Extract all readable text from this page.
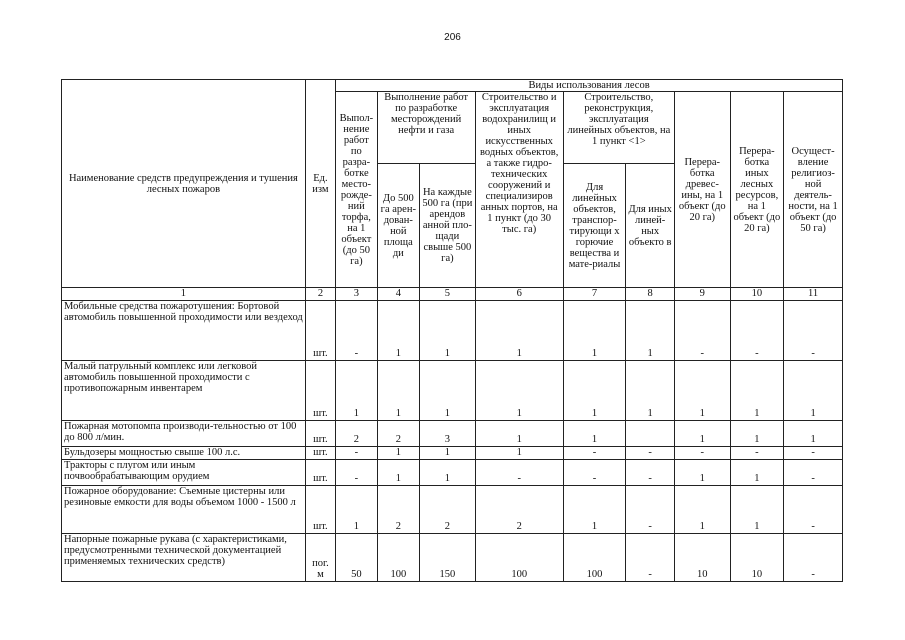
206
Наименование средств предупреждения и тушения лесных пожаров	Ед. изм	Виды использования лесов								
		Выпол-нение работ по разра-ботке место-рожде-ний торфа, на 1 объект (до 50 га)	Выполнение работ по разработке месторождений нефти и газа		Строительство и эксплуатация водохранилищ и иных искусственных водных объектов, а также гидро-технических сооружений и специализиров анных портов, на 1 пункт (до 30 тыс. га)	Строительство, реконструкция, эксплуатация линейных объектов, на 1 пункт <1>		Перера-ботка древес-ины, на 1 объект (до 20 га)	Перера-ботка иных лесных ресурсов, на 1 объект (до 20 га)	Осущест-вление религиоз-ной деятель-ности, на 1 объект (до 50 га)
			До 500 га арен-дован-ной площа ди	На каждые 500 га (при арендов анной пло-щади свыше 500 га)		Для линейных объектов, транспор-тирующи х горючие вещества и мате-риалы	Для иных линей-ных объекто в			
1	2	3	4	5	6	7	8	9	10	11
Мобильные средства пожаротушения: Бортовой автомобиль повышенной проходимости или вездеход	шт.	-	1	1	1	1	1	-	-	-
Малый патрульный комплекс или легковой автомобиль повышенной проходимости с противопожарным инвентарем	шт.	1	1	1	1	1	1	1	1	1
Пожарная мотопомпа производи-тельностью от 100 до 800 л/мин.	шт.	2	2	3	1	1		1	1	1
Бульдозеры мощностью свыше 100 л.с.	шт.	-	1	1	1	-	-	-	-	-
Тракторы с плугом или иным почвообрабатывающим орудием	шт.	-	1	1	-	-	-	1	1	-
Пожарное оборудование: Съемные цистерны или резиновые емкости для воды объемом 1000 - 1500 л	шт.	1	2	2	2	1	-	1	1	-
Напорные пожарные рукава (с характеристиками, предусмотренными технической документацией применяемых технических средств)	пог. м	50	100	150	100	100	-	10	10	-
